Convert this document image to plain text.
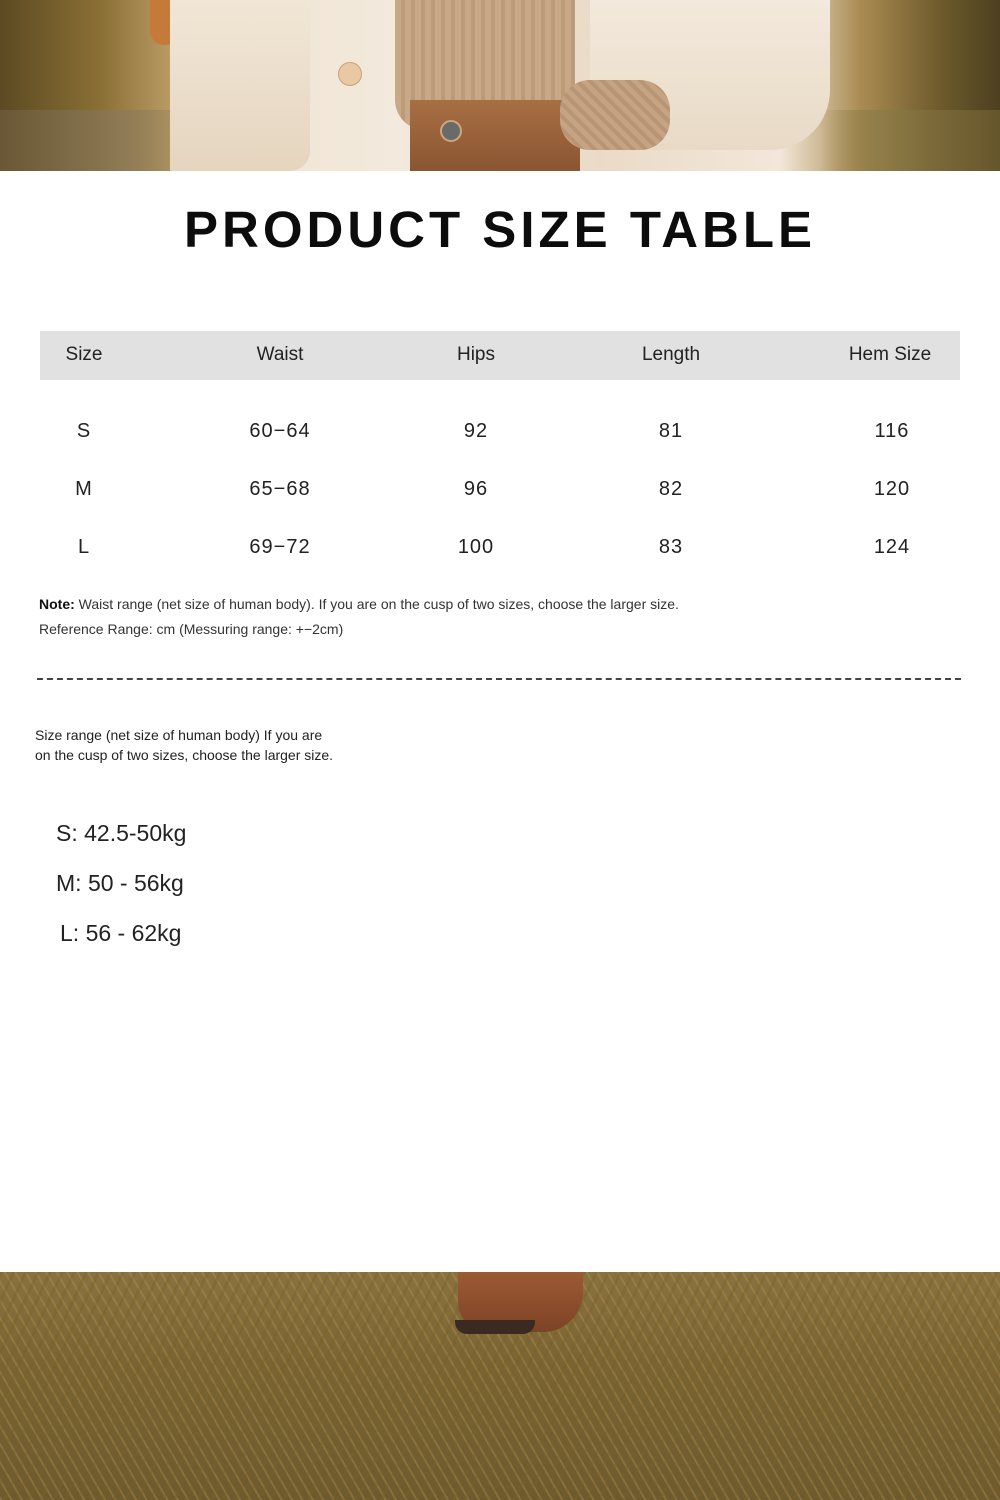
PRODUCT SIZE TABLE
Size	Waist	Hips	Length	Hem Size
S	60−64	92	81	116
M	65−68	96	82	120
L	69−72	100	83	124
Note: Waist range (net size of human body). If you are on the cusp of two sizes, choose the larger size.
Reference Range: cm (Messuring range: +−2cm)
Size range (net size of human body) If you are
on the cusp of two sizes, choose the larger size.
S: 42.5-50kg
M: 50 - 56kg
L: 56 - 62kg
